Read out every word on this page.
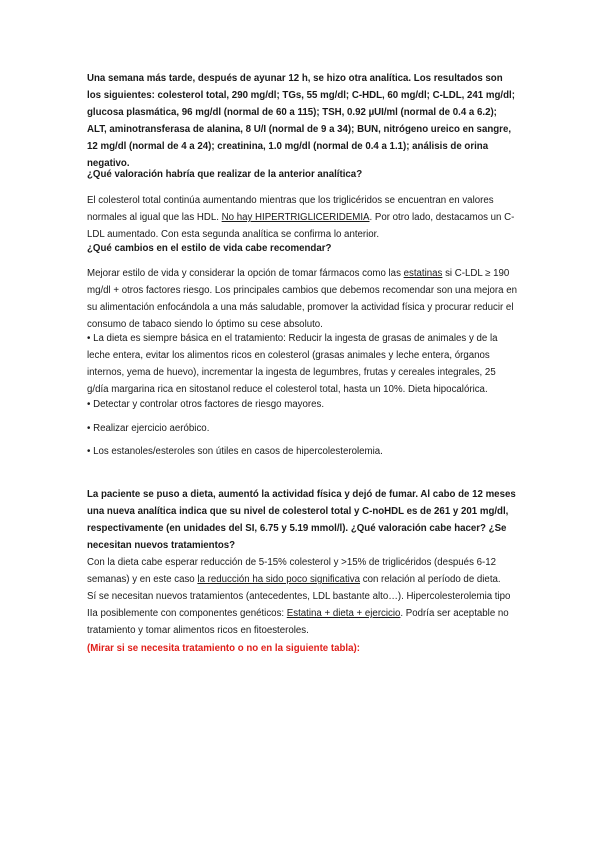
Una semana más tarde, después de ayunar 12 h, se hizo otra analítica. Los resultados son los siguientes: colesterol total, 290 mg/dl; TGs, 55 mg/dl; C-HDL, 60 mg/dl; C-LDL, 241 mg/dl; glucosa plasmática, 96 mg/dl (normal de 60 a 115); TSH, 0.92 µUI/ml (normal de 0.4 a 6.2); ALT, aminotransferasa de alanina, 8 U/I (normal de 9 a 34); BUN, nitrógeno ureico en sangre, 12 mg/dl (normal de 4 a 24); creatinina, 1.0 mg/dl (normal de 0.4 a 1.1); análisis de orina negativo.

¿Qué valoración habría que realizar de la anterior analítica?

El colesterol total continúa aumentando mientras que los triglicéridos se encuentran en valores normales al igual que las HDL. No hay HIPERTRIGLICERIDEMIA. Por otro lado, destacamos un C-LDL aumentado. Con esta segunda analítica se confirma lo anterior.

¿Qué cambios en el estilo de vida cabe recomendar?

Mejorar estilo de vida y considerar la opción de tomar fármacos como las estatinas si C-LDL ≥ 190 mg/dl + otros factores riesgo. Los principales cambios que debemos recomendar son una mejora en su alimentación enfocándola a una más saludable, promover la actividad física y procurar reducir el consumo de tabaco siendo lo óptimo su cese absoluto.

• La dieta es siempre básica en el tratamiento: Reducir la ingesta de grasas de animales y de la leche entera, evitar los alimentos ricos en colesterol (grasas animales y leche entera, órganos internos, yema de huevo), incrementar la ingesta de legumbres, frutas y cereales integrales, 25 g/día margarina rica en sitostanol reduce el colesterol total, hasta un 10%. Dieta hipocalórica.

• Detectar y controlar otros factores de riesgo mayores.

• Realizar ejercicio aeróbico.

• Los estanoles/esteroles son útiles en casos de hipercolesterolemia.

La paciente se puso a dieta, aumentó la actividad física y dejó de fumar. Al cabo de 12 meses una nueva analítica indica que su nivel de colesterol total y C-noHDL es de 261 y 201 mg/dl, respectivamente (en unidades del SI, 6.75 y 5.19 mmol/l). ¿Qué valoración cabe hacer? ¿Se necesitan nuevos tratamientos?

Con la dieta cabe esperar reducción de 5-15% colesterol y >15% de triglicéridos (después 6-12 semanas) y en este caso la reducción ha sido poco significativa con relación al período de dieta.

Sí se necesitan nuevos tratamientos (antecedentes, LDL bastante alto…). Hipercolesterolemia tipo IIa posiblemente con componentes genéticos: Estatina + dieta + ejercicio. Podría ser aceptable no tratamiento y tomar alimentos ricos en fitoesteroles.

(Mirar si se necesita tratamiento o no en la siguiente tabla):
